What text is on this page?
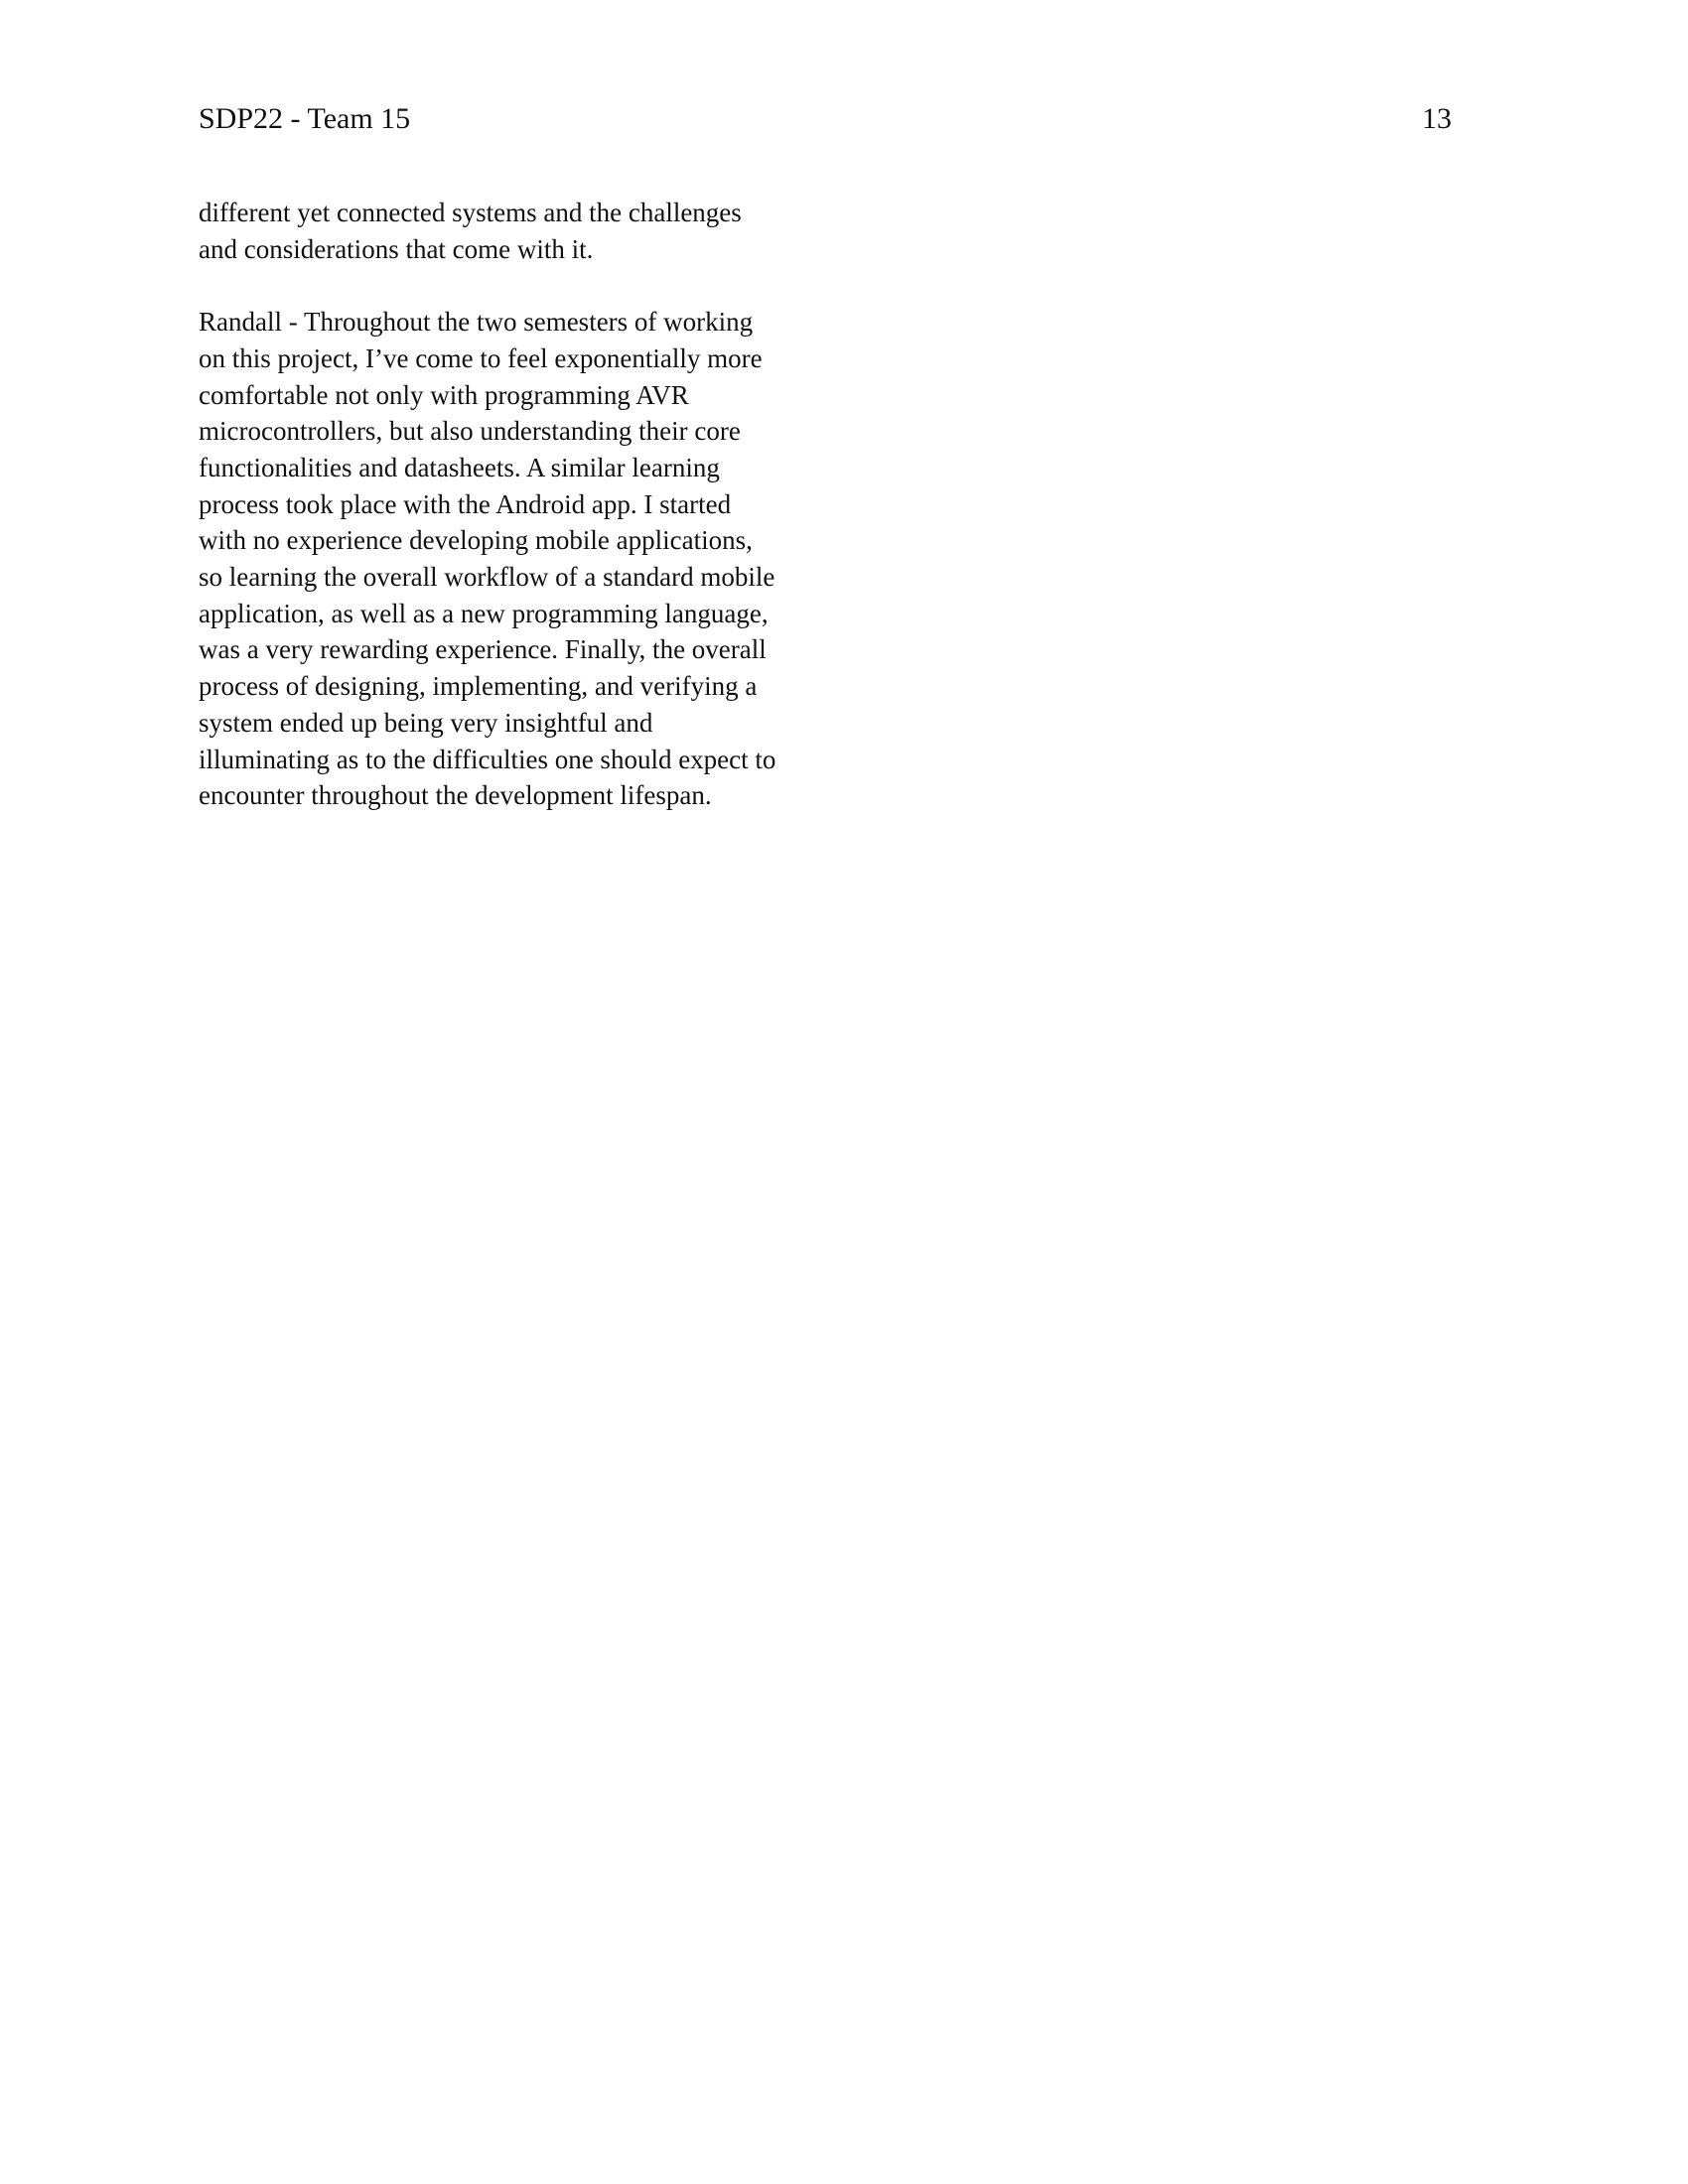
SDP22 - Team 15	13
different yet connected systems and the challenges
and considerations that come with it.
Randall - Throughout the two semesters of working
on this project, I’ve come to feel exponentially more
comfortable not only with programming AVR
microcontrollers, but also understanding their core
functionalities and datasheets. A similar learning
process took place with the Android app. I started
with no experience developing mobile applications,
so learning the overall workflow of a standard mobile
application, as well as a new programming language,
was a very rewarding experience. Finally, the overall
process of designing, implementing, and verifying a
system ended up being very insightful and
illuminating as to the difficulties one should expect to
encounter throughout the development lifespan.
